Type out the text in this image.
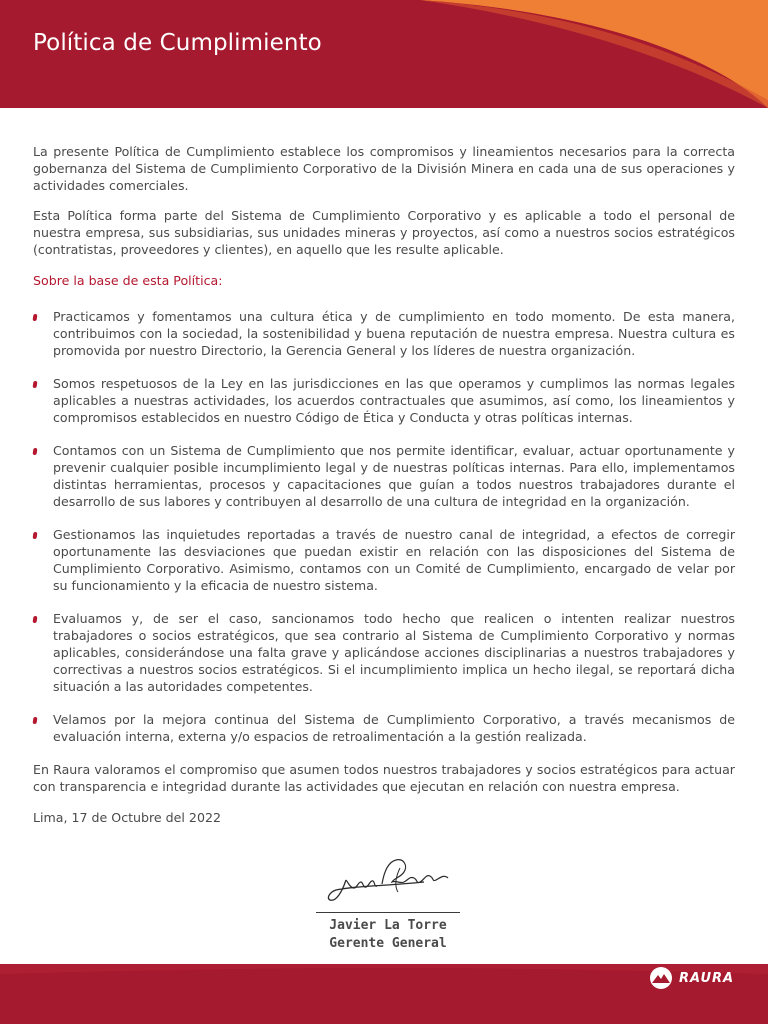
Política de Cumplimiento

La presente Política de Cumplimiento establece los compromisos y lineamientos necesarios para la correcta gobernanza del Sistema de Cumplimiento Corporativo de la División Minera en cada una de sus operaciones y actividades comerciales.

Esta Política forma parte del Sistema de Cumplimiento Corporativo y es aplicable a todo el personal de nuestra empresa, sus subsidiarias, sus unidades mineras y proyectos, así como a nuestros socios estratégicos (contratistas, proveedores y clientes), en aquello que les resulte aplicable.

Sobre la base de esta Política:

Practicamos y fomentamos una cultura ética y de cumplimiento en todo momento. De esta manera, contribuimos con la sociedad, la sostenibilidad y buena reputación de nuestra empresa. Nuestra cultura es promovida por nuestro Directorio, la Gerencia General y los líderes de nuestra organización.
Somos respetuosos de la Ley en las jurisdicciones en las que operamos y cumplimos las normas legales aplicables a nuestras actividades, los acuerdos contractuales que asumimos, así como, los lineamientos y compromisos establecidos en nuestro Código de Ética y Conducta y otras políticas internas.
Contamos con un Sistema de Cumplimiento que nos permite identificar, evaluar, actuar oportunamente y prevenir cualquier posible incumplimiento legal y de nuestras políticas internas. Para ello, implementamos distintas herramientas, procesos y capacitaciones que guían a todos nuestros trabajadores durante el desarrollo de sus labores y contribuyen al desarrollo de una cultura de integridad en la organización.
Gestionamos las inquietudes reportadas a través de nuestro canal de integridad, a efectos de corregir oportunamente las desviaciones que puedan existir en relación con las disposiciones del Sistema de Cumplimiento Corporativo. Asimismo, contamos con un Comité de Cumplimiento, encargado de velar por su funcionamiento y la eficacia de nuestro sistema.
Evaluamos y, de ser el caso, sancionamos todo hecho que realicen o intenten realizar nuestros trabajadores o socios estratégicos, que sea contrario al Sistema de Cumplimiento Corporativo y normas aplicables, considerándose una falta grave y aplicándose acciones disciplinarias a nuestros trabajadores y correctivas a nuestros socios estratégicos. Si el incumplimiento implica un hecho ilegal, se reportará dicha situación a las autoridades competentes.
Velamos por la mejora continua del Sistema de Cumplimiento Corporativo, a través mecanismos de evaluación interna, externa y/o espacios de retroalimentación a la gestión realizada.

En Raura valoramos el compromiso que asumen todos nuestros trabajadores y socios estratégicos para actuar con transparencia e integridad durante las actividades que ejecutan en relación con nuestra empresa.

Lima, 17 de Octubre del 2022

Javier La Torre
Gerente General
RAURA
